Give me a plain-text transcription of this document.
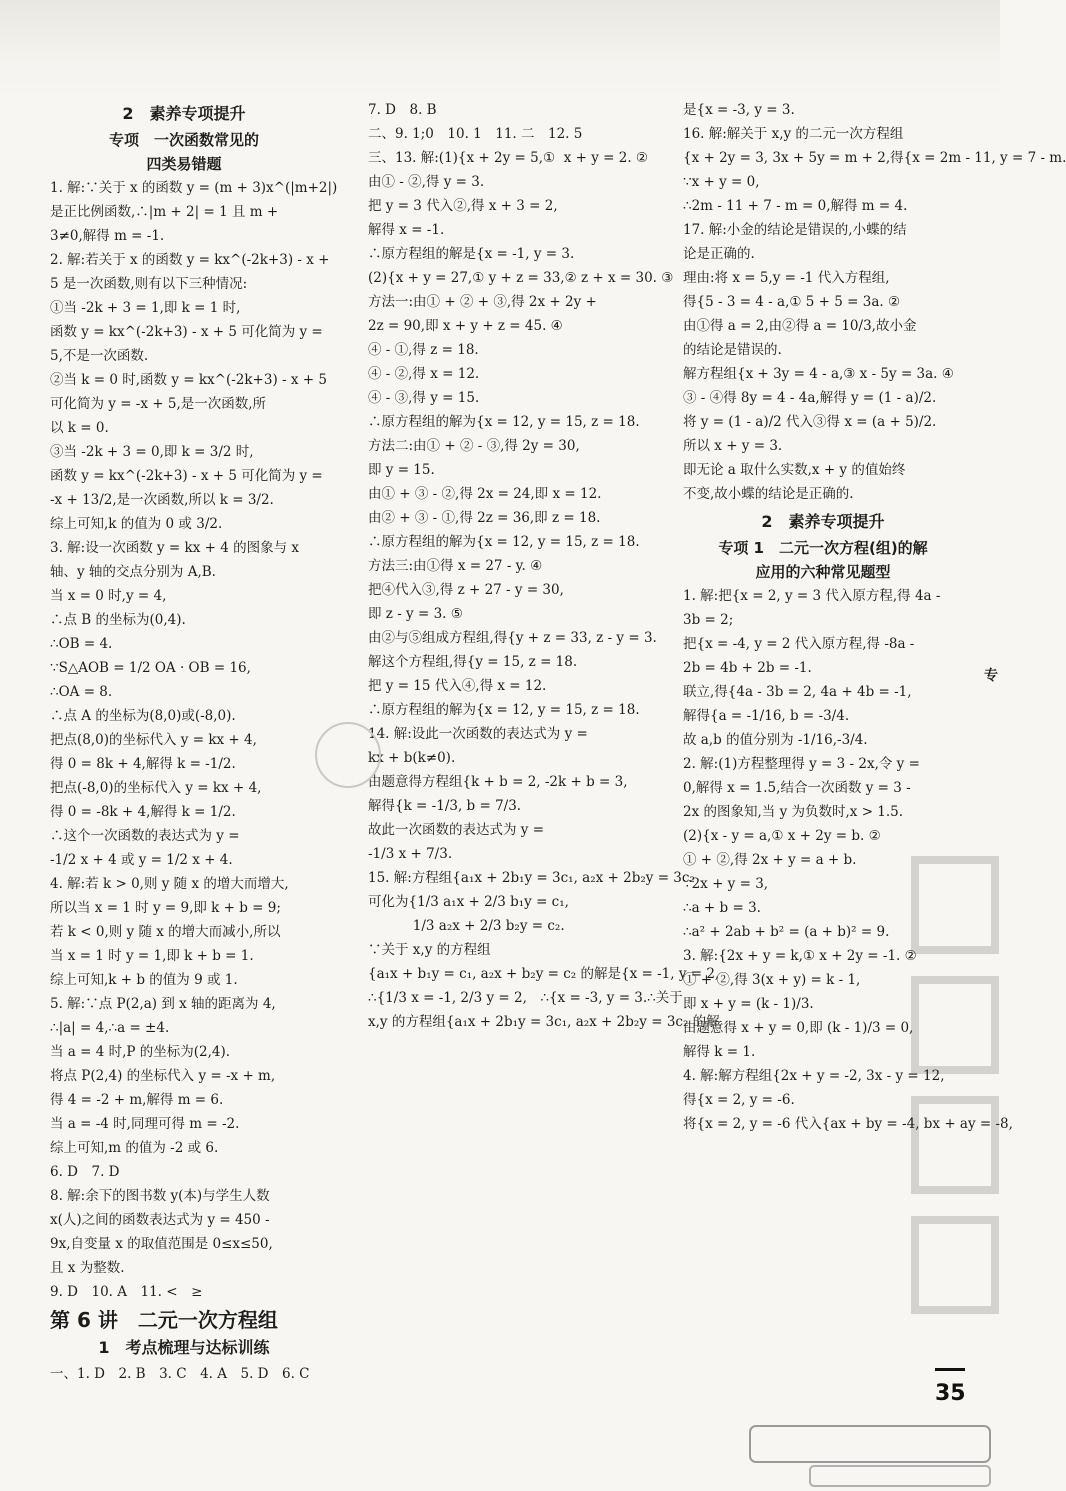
2　素养专项提升
专项　一次函数常见的
四类易错题
1. 解:∵关于 x 的函数 y = (m + 3)x^(|m+2|)
是正比例函数,∴|m + 2| = 1 且 m +
3≠0,解得 m = -1.
2. 解:若关于 x 的函数 y = kx^(-2k+3) - x +
5 是一次函数,则有以下三种情况:
①当 -2k + 3 = 1,即 k = 1 时,
函数 y = kx^(-2k+3) - x + 5 可化简为 y =
5,不是一次函数.
②当 k = 0 时,函数 y = kx^(-2k+3) - x + 5
可化简为 y = -x + 5,是一次函数,所
以 k = 0.
③当 -2k + 3 = 0,即 k = 3/2 时,
函数 y = kx^(-2k+3) - x + 5 可化简为 y =
-x + 13/2,是一次函数,所以 k = 3/2.
综上可知,k 的值为 0 或 3/2.
3. 解:设一次函数 y = kx + 4 的图象与 x
轴、y 轴的交点分别为 A,B.
当 x = 0 时,y = 4,
∴点 B 的坐标为(0,4).
∴OB = 4.
∵S△AOB = 1/2 OA · OB = 16,
∴OA = 8.
∴点 A 的坐标为(8,0)或(-8,0).
把点(8,0)的坐标代入 y = kx + 4,
得 0 = 8k + 4,解得 k = -1/2.
把点(-8,0)的坐标代入 y = kx + 4,
得 0 = -8k + 4,解得 k = 1/2.
∴这个一次函数的表达式为 y =
-1/2 x + 4 或 y = 1/2 x + 4.
4. 解:若 k > 0,则 y 随 x 的增大而增大,
所以当 x = 1 时 y = 9,即 k + b = 9;
若 k < 0,则 y 随 x 的增大而减小,所以
当 x = 1 时 y = 1,即 k + b = 1.
综上可知,k + b 的值为 9 或 1.
5. 解:∵点 P(2,a) 到 x 轴的距离为 4,
∴|a| = 4,∴a = ±4.
当 a = 4 时,P 的坐标为(2,4).
将点 P(2,4) 的坐标代入 y = -x + m,
得 4 = -2 + m,解得 m = 6.
当 a = -4 时,同理可得 m = -2.
综上可知,m 的值为 -2 或 6.
6. D　7. D
8. 解:余下的图书数 y(本)与学生人数
x(人)之间的函数表达式为 y = 450 -
9x,自变量 x 的取值范围是 0≤x≤50,
且 x 为整数.
9. D　10. A　11. <　≥
第 6 讲　二元一次方程组
1　考点梳理与达标训练
一、1. D　2. B　3. C　4. A　5. D　6. C
7. D　8. B
二、9. 1;0　10. 1　11. 二　12. 5
三、13. 解:(1){x + 2y = 5,①  x + y = 2. ②
由① - ②,得 y = 3.
把 y = 3 代入②,得 x + 3 = 2,
解得 x = -1.
∴原方程组的解是{x = -1, y = 3.
(2){x + y = 27,① y + z = 33,② z + x = 30. ③
方法一:由① + ② + ③,得 2x + 2y +
2z = 90,即 x + y + z = 45. ④
④ - ①,得 z = 18.
④ - ②,得 x = 12.
④ - ③,得 y = 15.
∴原方程组的解为{x = 12, y = 15, z = 18.
方法二:由① + ② - ③,得 2y = 30,
即 y = 15.
由① + ③ - ②,得 2x = 24,即 x = 12.
由② + ③ - ①,得 2z = 36,即 z = 18.
∴原方程组的解为{x = 12, y = 15, z = 18.
方法三:由①得 x = 27 - y. ④
把④代入③,得 z + 27 - y = 30,
即 z - y = 3. ⑤
由②与⑤组成方程组,得{y + z = 33, z - y = 3.
解这个方程组,得{y = 15, z = 18.
把 y = 15 代入④,得 x = 12.
∴原方程组的解为{x = 12, y = 15, z = 18.
14. 解:设此一次函数的表达式为 y =
kx + b(k≠0).
由题意得方程组{k + b = 2, -2k + b = 3,
解得{k = -1/3, b = 7/3.
故此一次函数的表达式为 y =
-1/3 x + 7/3.
15. 解:方程组{a₁x + 2b₁y = 3c₁, a₂x + 2b₂y = 3c₂
可化为{1/3 a₁x + 2/3 b₁y = c₁,
　　　 1/3 a₂x + 2/3 b₂y = c₂.
∵关于 x,y 的方程组
{a₁x + b₁y = c₁, a₂x + b₂y = c₂ 的解是{x = -1, y = 2,
∴{1/3 x = -1, 2/3 y = 2,　∴{x = -3, y = 3.∴关于
x,y 的方程组{a₁x + 2b₁y = 3c₁, a₂x + 2b₂y = 3c₂ 的解
是{x = -3, y = 3.
16. 解:解关于 x,y 的二元一次方程组
{x + 2y = 3, 3x + 5y = m + 2,得{x = 2m - 11, y = 7 - m.
∵x + y = 0,
∴2m - 11 + 7 - m = 0,解得 m = 4.
17. 解:小金的结论是错误的,小蝶的结
论是正确的.
理由:将 x = 5,y = -1 代入方程组,
得{5 - 3 = 4 - a,① 5 + 5 = 3a. ②
由①得 a = 2,由②得 a = 10/3,故小金
的结论是错误的.
解方程组{x + 3y = 4 - a,③ x - 5y = 3a. ④
③ - ④得 8y = 4 - 4a,解得 y = (1 - a)/2.
将 y = (1 - a)/2 代入③得 x = (a + 5)/2.
所以 x + y = 3.
即无论 a 取什么实数,x + y 的值始终
不变,故小蝶的结论是正确的.
2　素养专项提升
专项 1　二元一次方程(组)的解
应用的六种常见题型
1. 解:把{x = 2, y = 3 代入原方程,得 4a -
3b = 2;
把{x = -4, y = 2 代入原方程,得 -8a -
2b = 4b + 2b = -1.
联立,得{4a - 3b = 2, 4a + 4b = -1,
解得{a = -1/16, b = -3/4.
故 a,b 的值分别为 -1/16,-3/4.
2. 解:(1)方程整理得 y = 3 - 2x,令 y =
0,解得 x = 1.5,结合一次函数 y = 3 -
2x 的图象知,当 y 为负数时,x > 1.5.
(2){x - y = a,① x + 2y = b. ②
① + ②,得 2x + y = a + b.
∵2x + y = 3,
∴a + b = 3.
∴a² + 2ab + b² = (a + b)² = 9.
3. 解:{2x + y = k,① x + 2y = -1. ②
① + ②,得 3(x + y) = k - 1,
即 x + y = (k - 1)/3.
由题意得 x + y = 0,即 (k - 1)/3 = 0,
解得 k = 1.
4. 解:解方程组{2x + y = -2, 3x - y = 12,
得{x = 2, y = -6.
将{x = 2, y = -6 代入{ax + by = -4, bx + ay = -8,
专
35
